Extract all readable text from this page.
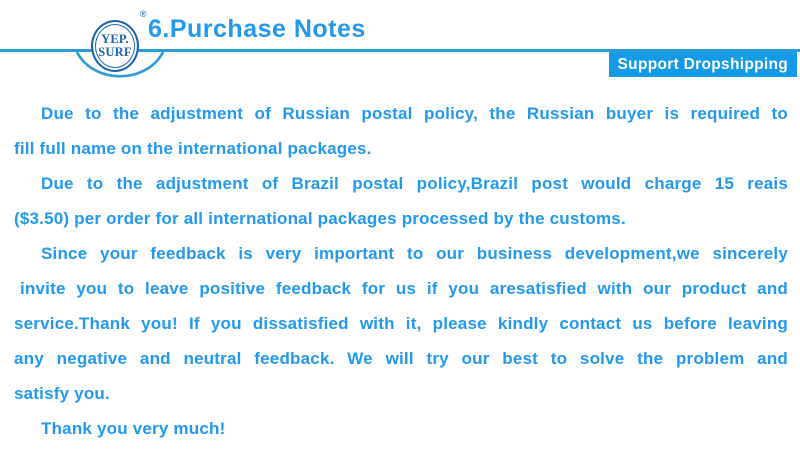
YEP.
SURF
®
6.Purchase Notes
Support Dropshipping
Due to the adjustment of Russian postal policy, the Russian buyer is required to
fill full name on the international packages.
Due to the adjustment of Brazil postal policy,Brazil post would charge 15 reais
($3.50) per order for all international packages processed by the customs.
Since your feedback is very important to our business development,we sincerely
invite you to leave positive feedback for us if you aresatisfied with our product and
service.Thank you! If you dissatisfied with it, please kindly contact us before leaving
any negative and neutral feedback. We will try our best to solve the problem and
satisfy you.
Thank you very much!
